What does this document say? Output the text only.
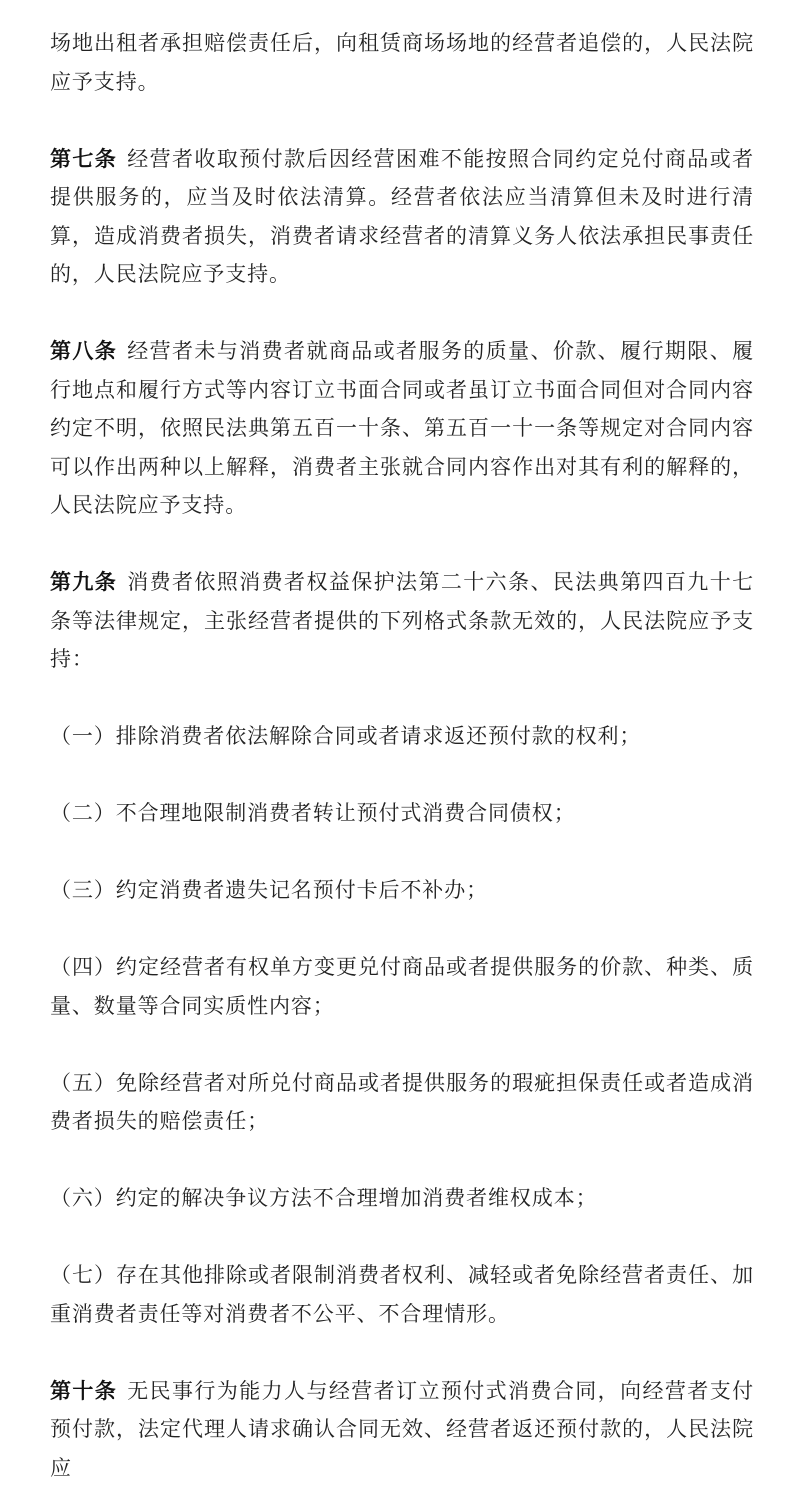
场地出租者承担赔偿责任后，向租赁商场场地的经营者追偿的，人民法院应予支持。

第七条 经营者收取预付款后因经营困难不能按照合同约定兑付商品或者提供服务的，应当及时依法清算。经营者依法应当清算但未及时进行清算，造成消费者损失，消费者请求经营者的清算义务人依法承担民事责任的，人民法院应予支持。

第八条 经营者未与消费者就商品或者服务的质量、价款、履行期限、履行地点和履行方式等内容订立书面合同或者虽订立书面合同但对合同内容约定不明，依照民法典第五百一十条、第五百一十一条等规定对合同内容可以作出两种以上解释，消费者主张就合同内容作出对其有利的解释的，人民法院应予支持。

第九条 消费者依照消费者权益保护法第二十六条、民法典第四百九十七条等法律规定，主张经营者提供的下列格式条款无效的，人民法院应予支持：

（一）排除消费者依法解除合同或者请求返还预付款的权利；

（二）不合理地限制消费者转让预付式消费合同债权；

（三）约定消费者遗失记名预付卡后不补办；

（四）约定经营者有权单方变更兑付商品或者提供服务的价款、种类、质量、数量等合同实质性内容；

（五）免除经营者对所兑付商品或者提供服务的瑕疵担保责任或者造成消费者损失的赔偿责任；

（六）约定的解决争议方法不合理增加消费者维权成本；

（七）存在其他排除或者限制消费者权利、减轻或者免除经营者责任、加重消费者责任等对消费者不公平、不合理情形。

第十条 无民事行为能力人与经营者订立预付式消费合同，向经营者支付预付款，法定代理人请求确认合同无效、经营者返还预付款的，人民法院应
